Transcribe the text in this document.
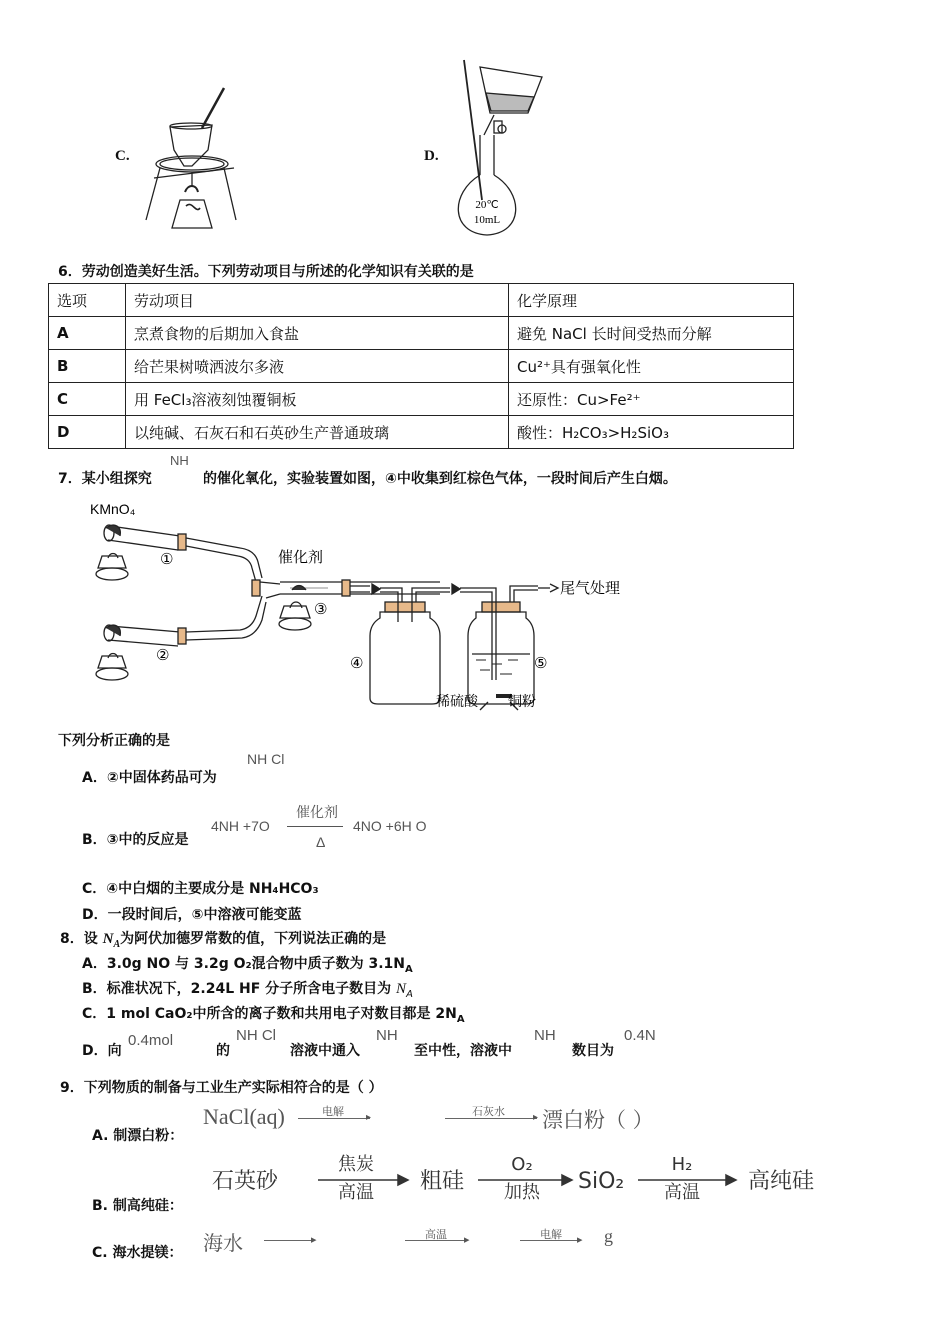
C.	D.
20℃
10mL
6．劳动创造美好生活。下列劳动项目与所述的化学知识有关联的是
选项	劳动项目	化学原理
A	烹煮食物的后期加入食盐	避免 NaCl 长时间受热而分解
B	给芒果树喷洒波尔多液	Cu²⁺具有强氧化性
C	用 FeCl₃溶液刻蚀覆铜板	还原性：Cu>Fe²⁺
D	以纯碱、石灰石和石英砂生产普通玻璃	酸性：H₂CO₃>H₂SiO₃
7．某小组探究
NH
的催化氧化，实验装置如图，④中收集到红棕色气体，一段时间后产生白烟。
KMnO₄
①
②
③
④	⑤
催化剂
尾气处理
稀硫酸 铜粉
下列分析正确的是
A．②中固体药品可为
NH Cl
B．③中的反应是
4NH +7O
催化剂
Δ
4NO +6H O
C．④中白烟的主要成分是 NH₄HCO₃
D．一段时间后，⑤中溶液可能变蓝
8．设 $N_A$为阿伏加德罗常数的值，下列说法正确的是
A．3.0g NO 与 3.2g O₂混合物中质子数为 $3.1N_A$
B．标准状况下，2.24L HF 分子所含电子数目为 $N_A$
C．1 mol CaO₂中所含的离子数和共用电子对数目都是 $2N_A$
D．向
0.4mol
的
NH Cl
溶液中通入
NH
至中性，溶液中
NH
数目为
0.4N
9．下列物质的制备与工业生产实际相符合的是（ ）
A. 制漂白粉：
NaCl(aq)	电解 ▸	石灰水	▸ 漂白粉（ ）
B. 制高纯硅：
石英砂
焦炭
高温 粗硅
O₂
加热 SiO₂
H₂
高温 高纯硅
C. 海水提镁： 海水	▸	高温 ▸	电解 ▸ g
